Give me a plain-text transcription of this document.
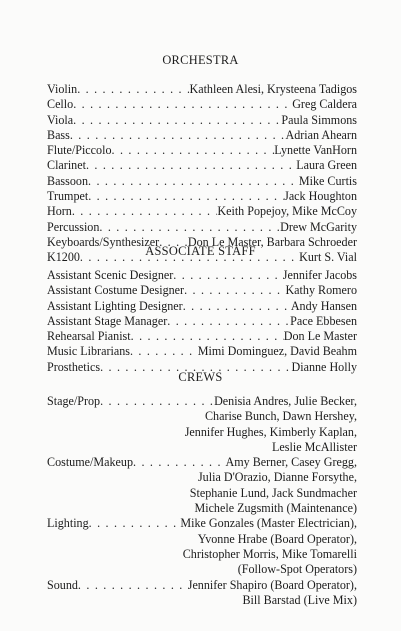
ORCHESTRA
Violin . . .	Kathleen Alesi, Krysteena Tadigos
Cello . . .	Greg Caldera
Viola . . .	Paula Simmons
Bass . . .	Adrian Ahearn
Flute/Piccolo . . .	Lynette VanHorn
Clarinet . . .	Laura Green
Bassoon . . .	Mike Curtis
Trumpet . . .	Jack Houghton
Horn . . .	Keith Popejoy, Mike McCoy
Percussion . . .	Drew McGarity
Keyboards/Synthesizer . . . Don Le Master, Barbara Schroeder
K1200 . . .	Kurt S. Vial
ASSOCIATE STAFF
Assistant Scenic Designer . . .	Jennifer Jacobs
Assistant Costume Designer . . .	Kathy Romero
Assistant Lighting Designer . . .	Andy Hansen
Assistant Stage Manager . . .	Pace Ebbesen
Rehearsal Pianist . . .	Don Le Master
Music Librarians . . .	Mimi Dominguez, David Beahm
Prosthetics . . .	Dianne Holly
CREWS
Stage/Prop . . .	Denisia Andres, Julie Becker,
Charise Bunch, Dawn Hershey,
Jennifer Hughes, Kimberly Kaplan,
Leslie McAllister
Costume/Makeup . . .	Amy Berner, Casey Gregg,
Julia D'Orazio, Dianne Forsythe,
Stephanie Lund, Jack Sundmacher
Michele Zugsmith (Maintenance)
Lighting . . .	Mike Gonzales (Master Electrician),
Yvonne Hrabe (Board Operator),
Christopher Morris, Mike Tomarelli
(Follow-Spot Operators)
Sound . . .	Jennifer Shapiro (Board Operator),
Bill Barstad (Live Mix)
